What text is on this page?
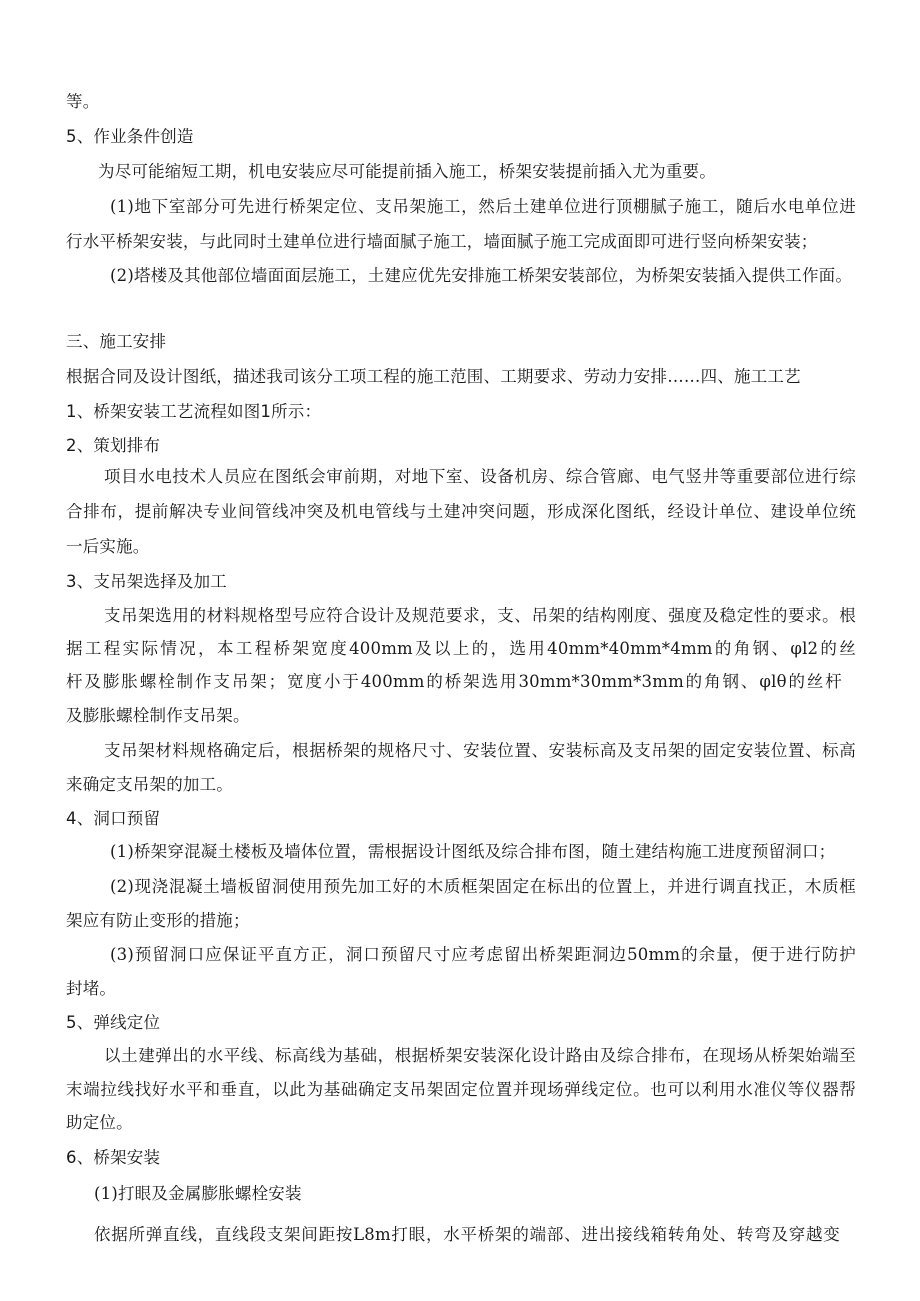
等。
5、作业条件创造
为尽可能缩短工期，机电安装应尽可能提前插入施工，桥架安装提前插入尤为重要。
(1)地下室部分可先进行桥架定位、支吊架施工，然后土建单位进行顶棚腻子施工，随后水电单位进
行水平桥架安装，与此同时土建单位进行墙面腻子施工，墙面腻子施工完成面即可进行竖向桥架安装；
(2)塔楼及其他部位墙面面层施工，土建应优先安排施工桥架安装部位，为桥架安装插入提供工作面。
三、施工安排
根据合同及设计图纸，描述我司该分工项工程的施工范围、工期要求、劳动力安排……四、施工工艺
1、桥架安装工艺流程如图1所示：
2、策划排布
项目水电技术人员应在图纸会审前期，对地下室、设备机房、综合管廊、电气竖井等重要部位进行综
合排布，提前解决专业间管线冲突及机电管线与土建冲突问题，形成深化图纸，经设计单位、建设单位统
一后实施。
3、支吊架选择及加工
支吊架选用的材料规格型号应符合设计及规范要求，支、吊架的结构刚度、强度及稳定性的要求。根
据工程实际情况，本工程桥架宽度400mm及以上的，选用40mm*40mm*4mm的角钢、φl2的丝
杆及膨胀螺栓制作支吊架；宽度小于400mm的桥架选用30mm*30mm*3mm的角钢、φlθ的丝杆
及膨胀螺栓制作支吊架。
支吊架材料规格确定后，根据桥架的规格尺寸、安装位置、安装标高及支吊架的固定安装位置、标高
来确定支吊架的加工。
4、洞口预留
(1)桥架穿混凝土楼板及墙体位置，需根据设计图纸及综合排布图，随土建结构施工进度预留洞口；
(2)现浇混凝土墙板留洞使用预先加工好的木质框架固定在标出的位置上，并进行调直找正，木质框
架应有防止变形的措施；
(3)预留洞口应保证平直方正，洞口预留尺寸应考虑留出桥架距洞边50mm的余量，便于进行防护
封堵。
5、弹线定位
以土建弹出的水平线、标高线为基础，根据桥架安装深化设计路由及综合排布，在现场从桥架始端至
末端拉线找好水平和垂直，以此为基础确定支吊架固定位置并现场弹线定位。也可以利用水准仪等仪器帮
助定位。
6、桥架安装
(1)打眼及金属膨胀螺栓安装
依据所弹直线，直线段支架间距按L8m打眼，水平桥架的端部、进出接线箱转角处、转弯及穿越变
